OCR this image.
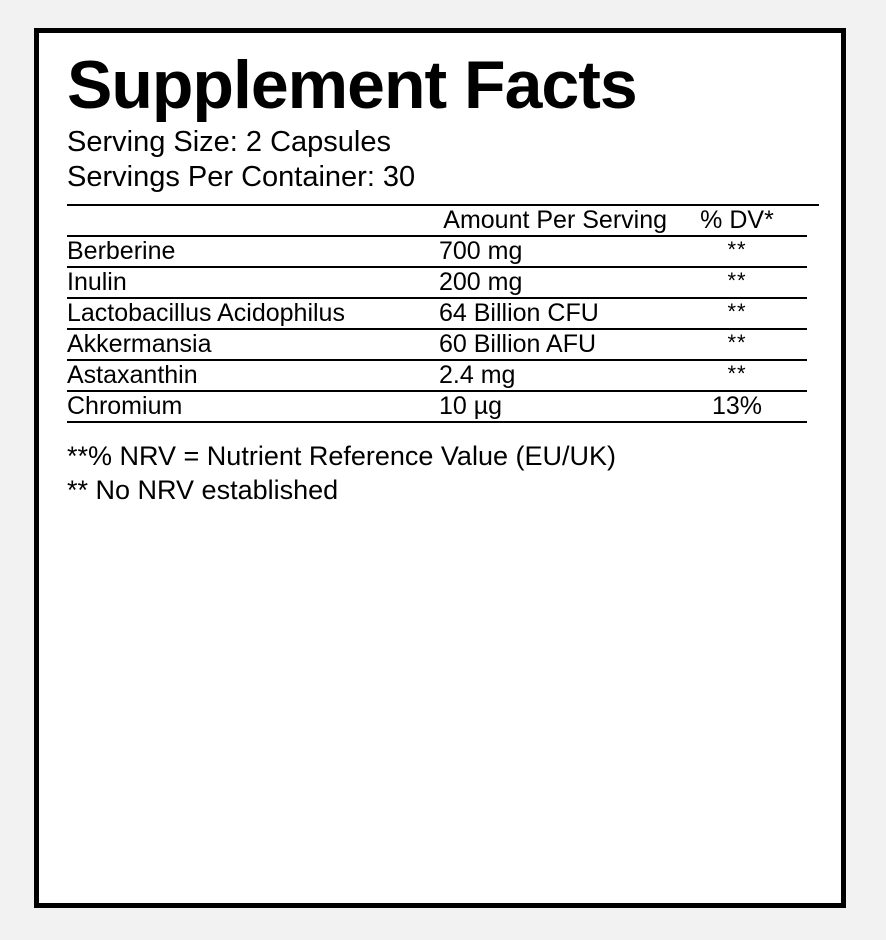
Supplement Facts
Serving Size: 2 Capsules
Servings Per Container: 30
	Amount Per Serving	% DV*
Berberine	700 mg	**
Inulin	200 mg	**
Lactobacillus Acidophilus	64 Billion CFU	**
Akkermansia	60 Billion AFU	**
Astaxanthin	2.4 mg	**
Chromium	10 µg	13%
**% NRV = Nutrient Reference Value (EU/UK)
** No NRV established
